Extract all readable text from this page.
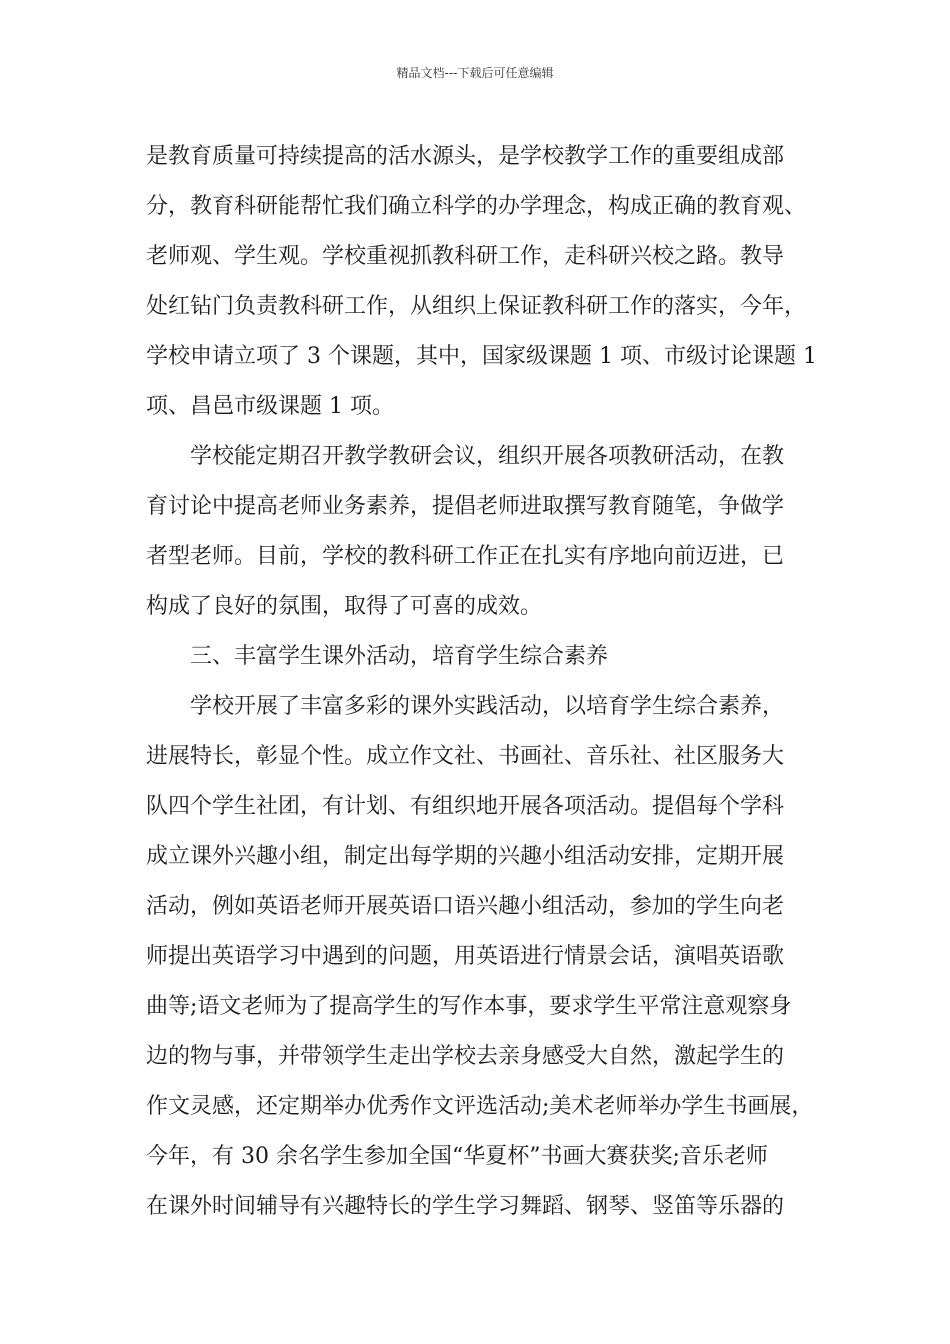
精品文档---下载后可任意编辑
是教育质量可持续提高的活水源头，是学校教学工作的重要组成部
分，教育科研能帮忙我们确立科学的办学理念，构成正确的教育观、
老师观、学生观。学校重视抓教科研工作，走科研兴校之路。教导
处红钻门负责教科研工作，从组织上保证教科研工作的落实，今年，
学校申请立项了 3 个课题，其中，国家级课题 1 项、市级讨论课题 1
项、昌邑市级课题 1 项。
学校能定期召开教学教研会议，组织开展各项教研活动，在教
育讨论中提高老师业务素养，提倡老师进取撰写教育随笔，争做学
者型老师。目前，学校的教科研工作正在扎实有序地向前迈进，已
构成了良好的氛围，取得了可喜的成效。
三、丰富学生课外活动，培育学生综合素养
学校开展了丰富多彩的课外实践活动，以培育学生综合素养，
进展特长，彰显个性。成立作文社、书画社、音乐社、社区服务大
队四个学生社团，有计划、有组织地开展各项活动。提倡每个学科
成立课外兴趣小组，制定出每学期的兴趣小组活动安排，定期开展
活动，例如英语老师开展英语口语兴趣小组活动，参加的学生向老
师提出英语学习中遇到的问题，用英语进行情景会话，演唱英语歌
曲等;语文老师为了提高学生的写作本事，要求学生平常注意观察身
边的物与事，并带领学生走出学校去亲身感受大自然，激起学生的
作文灵感，还定期举办优秀作文评选活动;美术老师举办学生书画展，
今年，有 30 余名学生参加全国“华夏杯”书画大赛获奖;音乐老师
在课外时间辅导有兴趣特长的学生学习舞蹈、钢琴、竖笛等乐器的
